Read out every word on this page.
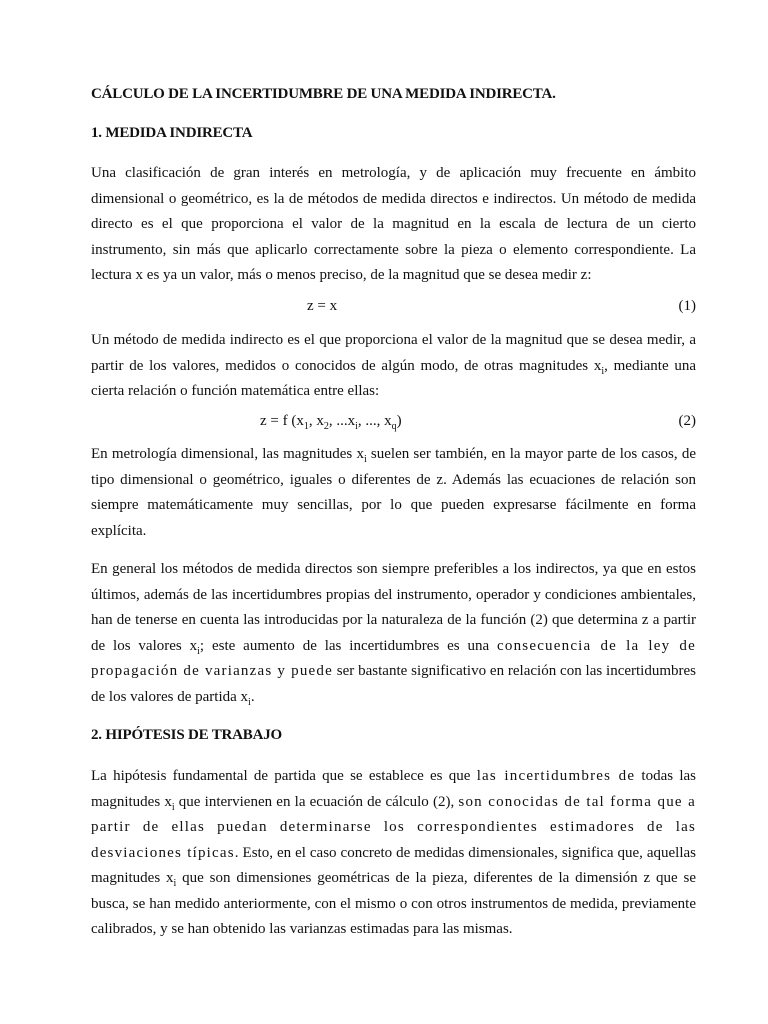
CÁLCULO DE LA INCERTIDUMBRE DE UNA MEDIDA INDIRECTA.
1. MEDIDA INDIRECTA

Una clasificación de gran interés en metrología, y de aplicación muy frecuente en ámbito dimensional o geométrico, es la de métodos de medida directos e indirectos. Un método de medida directo es el que proporciona el valor de la magnitud en la escala de lectura de un cierto instrumento, sin más que aplicarlo correctamente sobre la pieza o elemento correspondiente. La lectura x es ya un valor, más o menos preciso, de la magnitud que se desea medir z:

z = x	(1)

Un método de medida indirecto es el que proporciona el valor de la magnitud que se desea medir, a partir de los valores, medidos o conocidos de algún modo, de otras magnitudes $x_i$, mediante una cierta relación o función matemática entre ellas:

z = f ($x_1$, $x_2$, $...x_i$, ..., $x_q$)	(2)

En metrología dimensional, las magnitudes $x_i$ suelen ser también, en la mayor parte de los casos, de tipo dimensional o geométrico, iguales o diferentes de z. Además las ecuaciones de relación son siempre matemáticamente muy sencillas, por lo que pueden expresarse fácilmente en forma explícita.

En general los métodos de medida directos son siempre preferibles a los indirectos, ya que en estos últimos, además de las incertidumbres propias del instrumento, operador y condiciones ambientales, han de tenerse en cuenta las introducidas por la naturaleza de la función (2) que determina z a partir de los valores $x_i$; este aumento de las incertidumbres es una consecuencia de la ley de propagación de varianzas y puede ser bastante significativo en relación con las incertidumbres de los valores de partida $x_i$.

2. HIPÓTESIS DE TRABAJO

La hipótesis fundamental de partida que se establece es que las incertidumbres de todas las magnitudes $x_i$ que intervienen en la ecuación de cálculo (2), son conocidas de tal forma que a partir de ellas puedan determinarse los correspondientes estimadores de las desviaciones típicas. Esto, en el caso concreto de medidas dimensionales, significa que, aquellas magnitudes $x_i$ que son dimensiones geométricas de la pieza, diferentes de la dimensión z que se busca, se han medido anteriormente, con el mismo o con otros instrumentos de medida, previamente calibrados, y se han obtenido las varianzas estimadas para las mismas.
